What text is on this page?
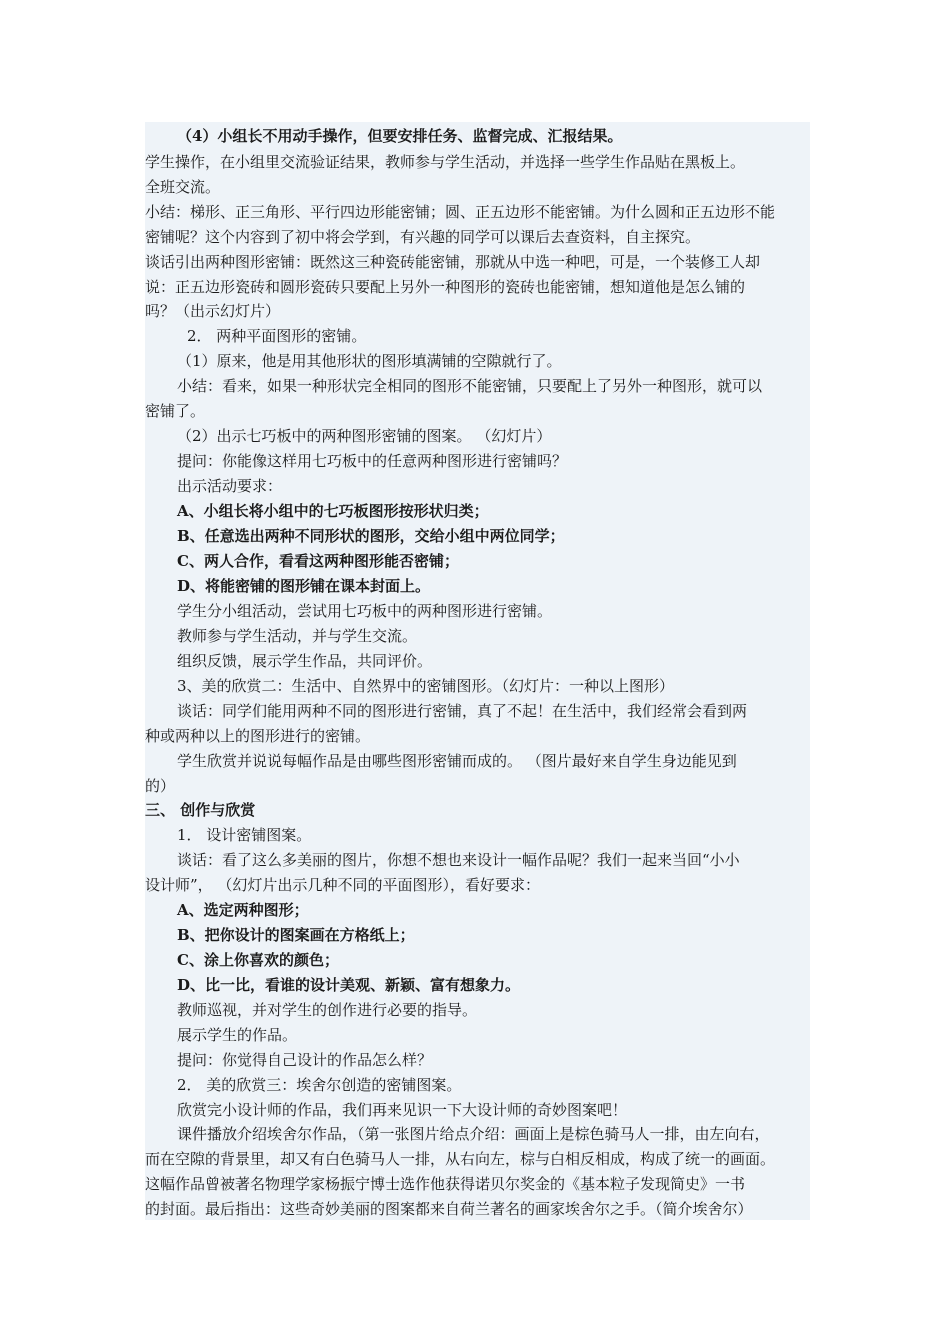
（4）小组长不用动手操作，但要安排任务、监督完成、汇报结果。
学生操作，在小组里交流验证结果，教师参与学生活动，并选择一些学生作品贴在黑板上。
全班交流。
小结：梯形、正三角形、平行四边形能密铺；圆、正五边形不能密铺。为什么圆和正五边形不能
密铺呢？这个内容到了初中将会学到，有兴趣的同学可以课后去查资料，自主探究。
谈话引出两种图形密铺：既然这三种瓷砖能密铺，那就从中选一种吧，可是，一个装修工人却
说：正五边形瓷砖和圆形瓷砖只要配上另外一种图形的瓷砖也能密铺，想知道他是怎么铺的
吗？（出示幻灯片）
2． 两种平面图形的密铺。
（1）原来，他是用其他形状的图形填满铺的空隙就行了。
小结：看来，如果一种形状完全相同的图形不能密铺，只要配上了另外一种图形，就可以
密铺了。
（2）出示七巧板中的两种图形密铺的图案。 （幻灯片）
提问：你能像这样用七巧板中的任意两种图形进行密铺吗？
出示活动要求：
A、小组长将小组中的七巧板图形按形状归类；
B、任意选出两种不同形状的图形，交给小组中两位同学；
C、两人合作，看看这两种图形能否密铺；
D、将能密铺的图形铺在课本封面上。
学生分小组活动，尝试用七巧板中的两种图形进行密铺。
教师参与学生活动，并与学生交流。
组织反馈，展示学生作品，共同评价。
3、美的欣赏二：生活中、自然界中的密铺图形。（幻灯片：一种以上图形）
谈话：同学们能用两种不同的图形进行密铺，真了不起！在生活中，我们经常会看到两
种或两种以上的图形进行的密铺。
学生欣赏并说说每幅作品是由哪些图形密铺而成的。 （图片最好来自学生身边能见到
的）
三、 创作与欣赏
1． 设计密铺图案。
谈话：看了这么多美丽的图片，你想不想也来设计一幅作品呢？我们一起来当回“小小
设计师”， （幻灯片出示几种不同的平面图形），看好要求：
A、选定两种图形；
B、把你设计的图案画在方格纸上；
C、涂上你喜欢的颜色；
D、比一比，看谁的设计美观、新颖、富有想象力。
教师巡视，并对学生的创作进行必要的指导。
展示学生的作品。
提问：你觉得自己设计的作品怎么样？
2． 美的欣赏三：埃舍尔创造的密铺图案。
欣赏完小设计师的作品，我们再来见识一下大设计师的奇妙图案吧！
课件播放介绍埃舍尔作品，（第一张图片给点介绍：画面上是棕色骑马人一排，由左向右，
而在空隙的背景里，却又有白色骑马人一排，从右向左，棕与白相反相成，构成了统一的画面。
这幅作品曾被著名物理学家杨振宁博士选作他获得诺贝尔奖金的《基本粒子发现简史》一书
的封面。最后指出：这些奇妙美丽的图案都来自荷兰著名的画家埃舍尔之手。（简介埃舍尔）
